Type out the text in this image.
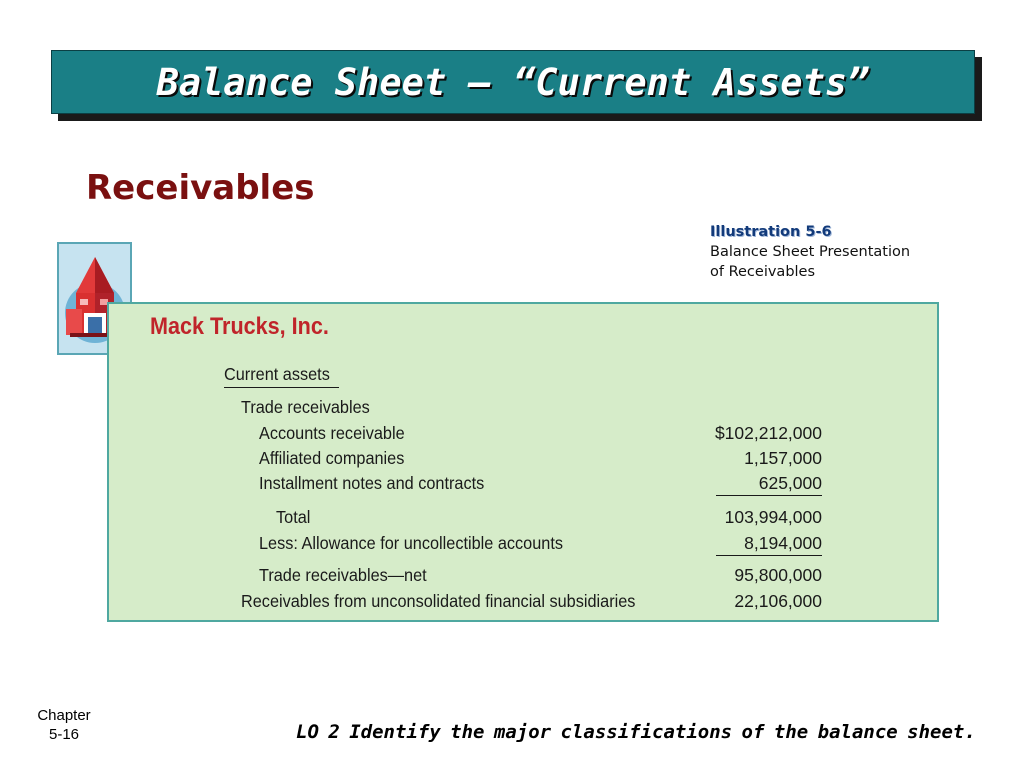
Balance Sheet – “Current Assets”
Receivables
Illustration 5-6
Balance Sheet Presentation
of Receivables
Mack Trucks, Inc.
Current assets
Trade receivables
Accounts receivable	$102,212,000
Affiliated companies	1,157,000
Installment notes and contracts	625,000
Total	103,994,000
Less: Allowance for uncollectible accounts	8,194,000
Trade receivables—net	95,800,000
Receivables from unconsolidated financial subsidiaries	22,106,000
Chapter
5-16	LO 2 Identify the major classifications of the balance sheet.
